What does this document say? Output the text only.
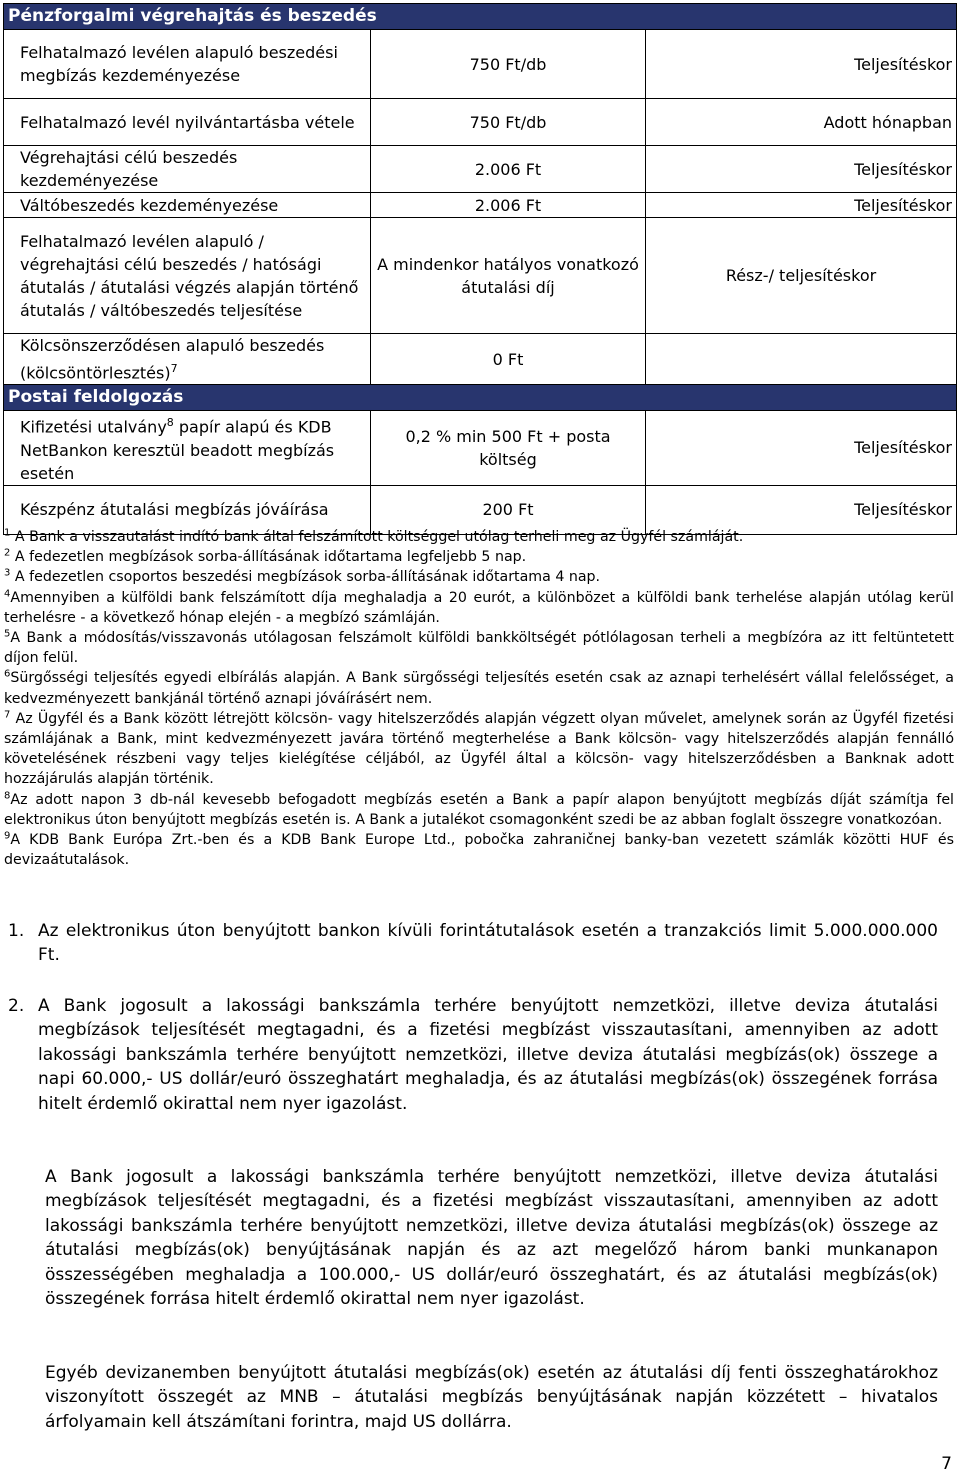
Pénzforgalmi végrehajtás és beszedés		
Felhatalmazó levélen alapuló beszedési megbízás kezdeményezése	750 Ft/db	Teljesítéskor
Felhatalmazó levél nyilvántartásba vétele	750 Ft/db	Adott hónapban
Végrehajtási célú beszedés kezdeményezése	2.006 Ft	Teljesítéskor
Váltóbeszedés kezdeményezése	2.006 Ft	Teljesítéskor
Felhatalmazó levélen alapuló / végrehajtási célú beszedés / hatósági átutalás / átutalási végzés alapján történő átutalás / váltóbeszedés teljesítése	A mindenkor hatályos vonatkozó átutalási díj	Rész-/ teljesítéskor
Kölcsönszerződésen alapuló beszedés (kölcsöntörlesztés)$^7$	0 Ft	
Postai feldolgozás		
Kifizetési utalvány$^8$ papír alapú és KDB NetBankon keresztül beadott megbízás esetén	0,2 % min 500 Ft + posta költség	Teljesítéskor
Készpénz átutalási megbízás jóváírása	200 Ft	Teljesítéskor

$^1$ A Bank a visszautalást indító bank által felszámított költséggel utólag terheli meg az Ügyfél számláját.

$^2$ A fedezetlen megbízások sorba-állításának időtartama legfeljebb 5 nap.

$^3$ A fedezetlen csoportos beszedési megbízások sorba-állításának időtartama 4 nap.

$^4$Amennyiben a külföldi bank felszámított díja meghaladja a 20 eurót, a különbözet a külföldi bank terhelése alapján utólag kerül terhelésre - a következő hónap elején - a megbízó számláján.

$^5$A Bank a módosítás/visszavonás utólagosan felszámolt külföldi bankköltségét pótlólagosan terheli a megbízóra az itt feltüntetett díjon felül.

$^6$Sürgősségi teljesítés egyedi elbírálás alapján. A Bank sürgősségi teljesítés esetén csak az aznapi terhelésért vállal felelősséget, a kedvezményezett bankjánál történő aznapi jóváírásért nem.

$^7$ Az Ügyfél és a Bank között létrejött kölcsön- vagy hitelszerződés alapján végzett olyan művelet, amelynek során az Ügyfél fizetési számlájának a Bank, mint kedvezményezett javára történő megterhelése a Bank kölcsön- vagy hitelszerződés alapján fennálló követelésének részbeni vagy teljes kielégítése céljából, az Ügyfél által a kölcsön- vagy hitelszerződésben a Banknak adott hozzájárulás alapján történik.

$^8$Az adott napon 3 db-nál kevesebb befogadott megbízás esetén a Bank a papír alapon benyújtott megbízás díját számítja fel elektronikus úton benyújtott megbízás esetén is. A Bank a jutalékot csomagonként szedi be az abban foglalt összegre vonatkozóan.

$^9$A KDB Bank Európa Zrt.-ben és a KDB Bank Europe Ltd., pobočka zahraničnej banky-ban vezetett számlák közötti HUF és devizaátutalások.

1. Az elektronikus úton benyújtott bankon kívüli forintátutalások esetén a tranzakciós limit 5.000.000.000 Ft.

2. A Bank jogosult a lakossági bankszámla terhére benyújtott nemzetközi, illetve deviza átutalási megbízások teljesítését megtagadni, és a fizetési megbízást visszautasítani, amennyiben az adott lakossági bankszámla terhére benyújtott nemzetközi, illetve deviza átutalási megbízás(ok) összege a napi 60.000,- US dollár/euró összeghatárt meghaladja, és az átutalási megbízás(ok) összegének forrása hitelt érdemlő okirattal nem nyer igazolást.

A Bank jogosult a lakossági bankszámla terhére benyújtott nemzetközi, illetve deviza átutalási megbízások teljesítését megtagadni, és a fizetési megbízást visszautasítani, amennyiben az adott lakossági bankszámla terhére benyújtott nemzetközi, illetve deviza átutalási megbízás(ok) összege az átutalási megbízás(ok) benyújtásának napján és az azt megelőző három banki munkanapon összességében meghaladja a 100.000,- US dollár/euró összeghatárt, és az átutalási megbízás(ok) összegének forrása hitelt érdemlő okirattal nem nyer igazolást.

Egyéb devizanemben benyújtott átutalási megbízás(ok) esetén az átutalási díj fenti összeghatárokhoz viszonyított összegét az MNB – átutalási megbízás benyújtásának napján közzétett – hivatalos árfolyamain kell átszámítani forintra, majd US dollárra.

7
